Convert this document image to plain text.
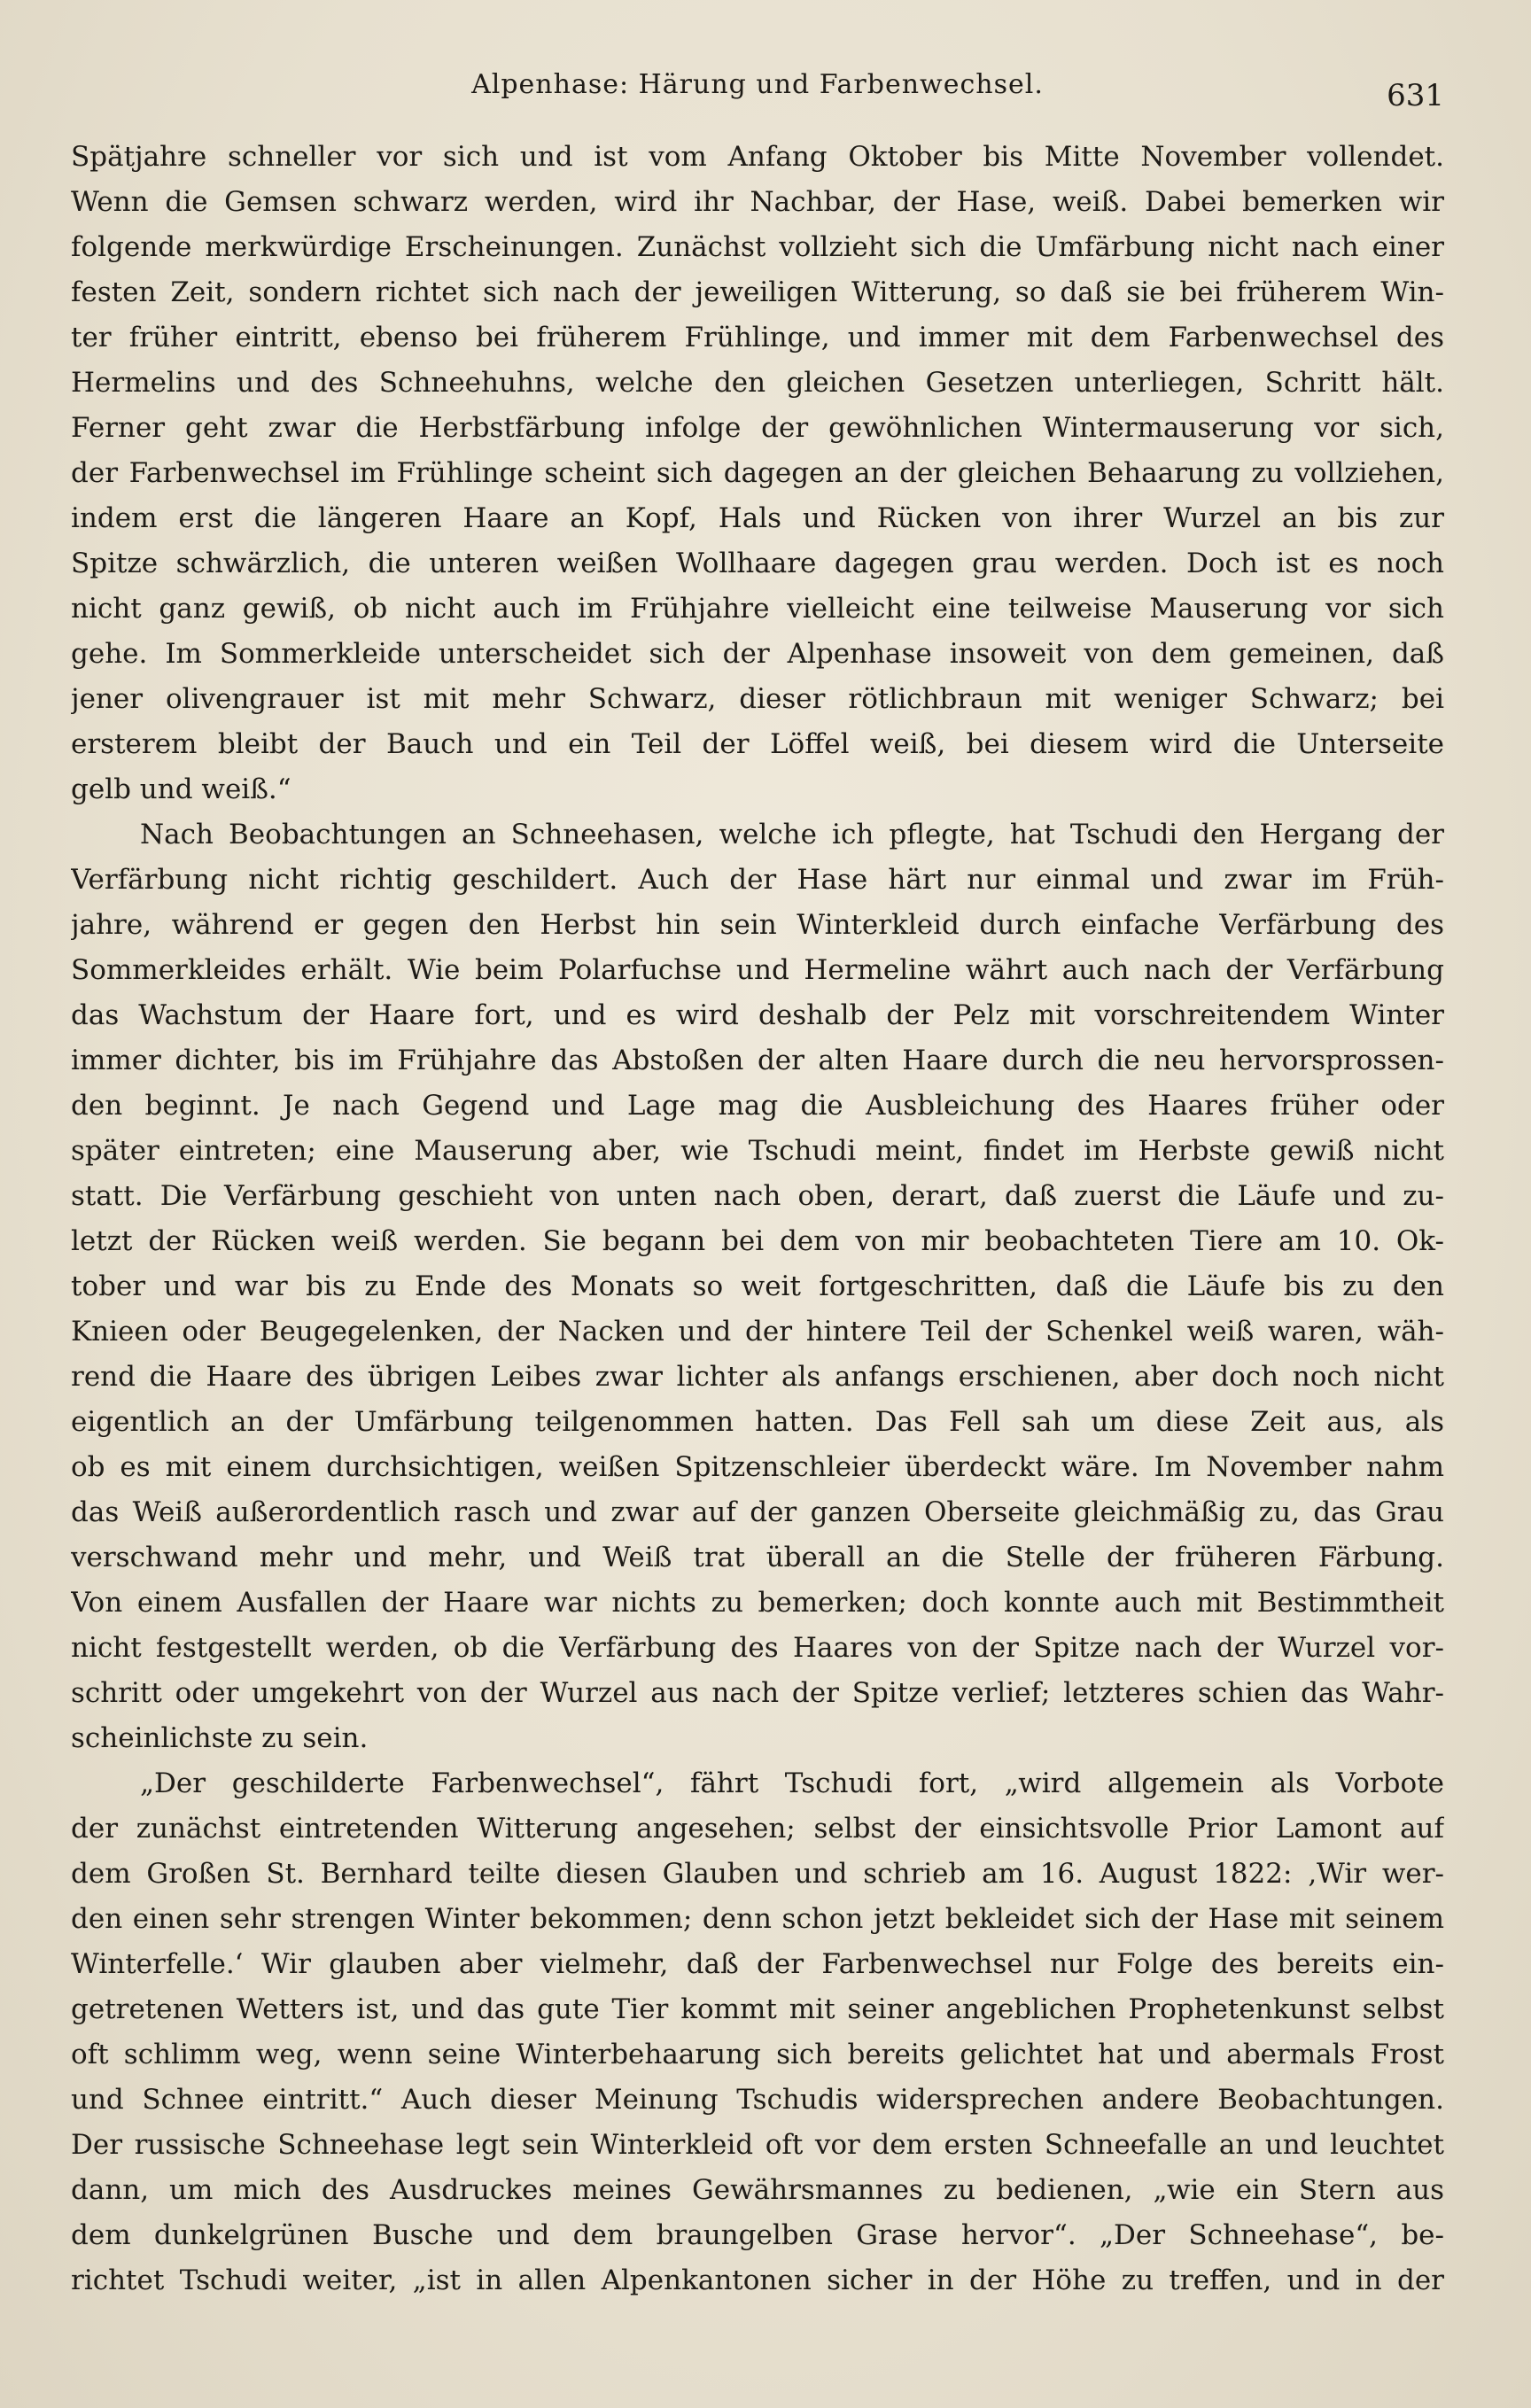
Alpenhase: Härung und Farbenwechsel.	631
Spätjahre schneller vor sich und ist vom Anfang Oktober bis Mitte November vollendet.
Wenn die Gemsen schwarz werden, wird ihr Nachbar, der Hase, weiß. Dabei bemerken wir
folgende merkwürdige Erscheinungen. Zunächst vollzieht sich die Umfärbung nicht nach einer
festen Zeit, sondern richtet sich nach der jeweiligen Witterung, so daß sie bei früherem Win-
ter früher eintritt, ebenso bei früherem Frühlinge, und immer mit dem Farbenwechsel des
Hermelins und des Schneehuhns, welche den gleichen Gesetzen unterliegen, Schritt hält.
Ferner geht zwar die Herbstfärbung infolge der gewöhnlichen Wintermauserung vor sich,
der Farbenwechsel im Frühlinge scheint sich dagegen an der gleichen Behaarung zu vollziehen,
indem erst die längeren Haare an Kopf, Hals und Rücken von ihrer Wurzel an bis zur
Spitze schwärzlich, die unteren weißen Wollhaare dagegen grau werden. Doch ist es noch
nicht ganz gewiß, ob nicht auch im Frühjahre vielleicht eine teilweise Mauserung vor sich
gehe. Im Sommerkleide unterscheidet sich der Alpenhase insoweit von dem gemeinen, daß
jener olivengrauer ist mit mehr Schwarz, dieser rötlichbraun mit weniger Schwarz; bei
ersterem bleibt der Bauch und ein Teil der Löffel weiß, bei diesem wird die Unterseite
gelb und weiß.“
Nach Beobachtungen an Schneehasen, welche ich pflegte, hat Tschudi den Hergang der
Verfärbung nicht richtig geschildert. Auch der Hase härt nur einmal und zwar im Früh-
jahre, während er gegen den Herbst hin sein Winterkleid durch einfache Verfärbung des
Sommerkleides erhält. Wie beim Polarfuchse und Hermeline währt auch nach der Verfärbung
das Wachstum der Haare fort, und es wird deshalb der Pelz mit vorschreitendem Winter
immer dichter, bis im Frühjahre das Abstoßen der alten Haare durch die neu hervorsprossen-
den beginnt. Je nach Gegend und Lage mag die Ausbleichung des Haares früher oder
später eintreten; eine Mauserung aber, wie Tschudi meint, findet im Herbste gewiß nicht
statt. Die Verfärbung geschieht von unten nach oben, derart, daß zuerst die Läufe und zu-
letzt der Rücken weiß werden. Sie begann bei dem von mir beobachteten Tiere am 10. Ok-
tober und war bis zu Ende des Monats so weit fortgeschritten, daß die Läufe bis zu den
Knieen oder Beugegelenken, der Nacken und der hintere Teil der Schenkel weiß waren, wäh-
rend die Haare des übrigen Leibes zwar lichter als anfangs erschienen, aber doch noch nicht
eigentlich an der Umfärbung teilgenommen hatten. Das Fell sah um diese Zeit aus, als
ob es mit einem durchsichtigen, weißen Spitzenschleier überdeckt wäre. Im November nahm
das Weiß außerordentlich rasch und zwar auf der ganzen Oberseite gleichmäßig zu, das Grau
verschwand mehr und mehr, und Weiß trat überall an die Stelle der früheren Färbung.
Von einem Ausfallen der Haare war nichts zu bemerken; doch konnte auch mit Bestimmtheit
nicht festgestellt werden, ob die Verfärbung des Haares von der Spitze nach der Wurzel vor-
schritt oder umgekehrt von der Wurzel aus nach der Spitze verlief; letzteres schien das Wahr-
scheinlichste zu sein.
„Der geschilderte Farbenwechsel“, fährt Tschudi fort, „wird allgemein als Vorbote
der zunächst eintretenden Witterung angesehen; selbst der einsichtsvolle Prior Lamont auf
dem Großen St. Bernhard teilte diesen Glauben und schrieb am 16. August 1822: ‚Wir wer-
den einen sehr strengen Winter bekommen; denn schon jetzt bekleidet sich der Hase mit seinem
Winterfelle.‘ Wir glauben aber vielmehr, daß der Farbenwechsel nur Folge des bereits ein-
getretenen Wetters ist, und das gute Tier kommt mit seiner angeblichen Prophetenkunst selbst
oft schlimm weg, wenn seine Winterbehaarung sich bereits gelichtet hat und abermals Frost
und Schnee eintritt.“ Auch dieser Meinung Tschudis widersprechen andere Beobachtungen.
Der russische Schneehase legt sein Winterkleid oft vor dem ersten Schneefalle an und leuchtet
dann, um mich des Ausdruckes meines Gewährsmannes zu bedienen, „wie ein Stern aus
dem dunkelgrünen Busche und dem braungelben Grase hervor“. „Der Schneehase“, be-
richtet Tschudi weiter, „ist in allen Alpenkantonen sicher in der Höhe zu treffen, und in der
